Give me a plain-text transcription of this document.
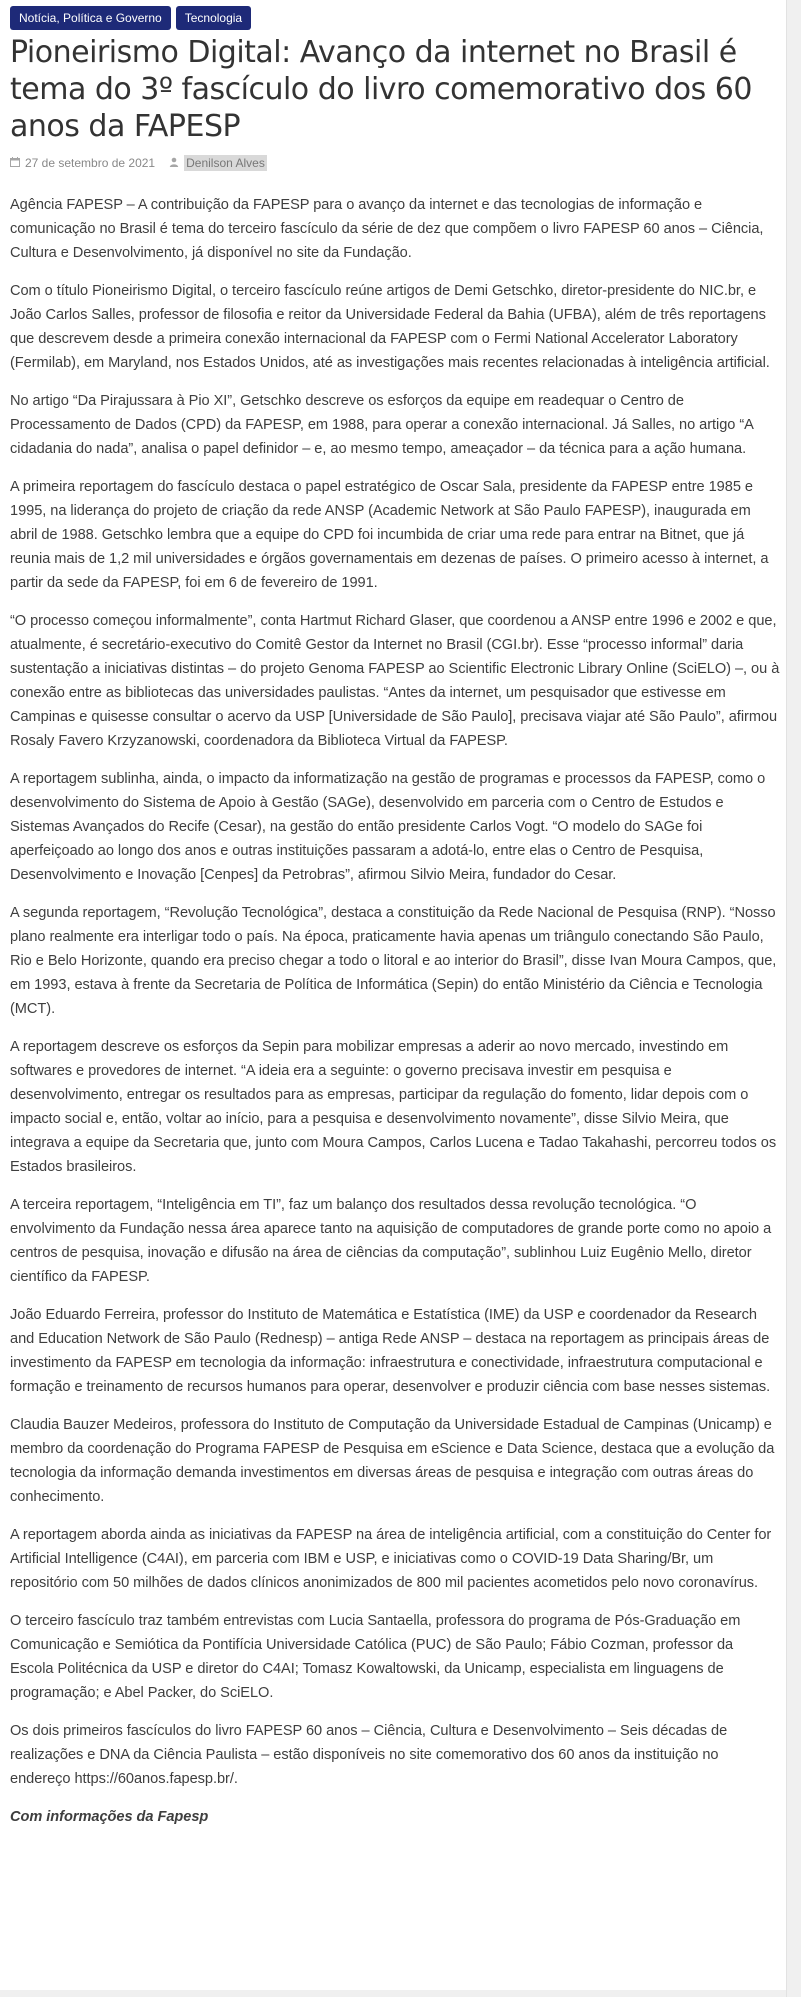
Notícia, Política e Governo	Tecnologia
Pioneirismo Digital: Avanço da internet no Brasil é tema do 3º fascículo do livro comemorativo dos 60 anos da FAPESP
27 de setembro de 2021	Denilson Alves

Agência FAPESP – A contribuição da FAPESP para o avanço da internet e das tecnologias de informação e comunicação no Brasil é tema do terceiro fascículo da série de dez que compõem o livro FAPESP 60 anos – Ciência, Cultura e Desenvolvimento, já disponível no site da Fundação.

Com o título Pioneirismo Digital, o terceiro fascículo reúne artigos de Demi Getschko, diretor-presidente do NIC.br, e João Carlos Salles, professor de filosofia e reitor da Universidade Federal da Bahia (UFBA), além de três reportagens que descrevem desde a primeira conexão internacional da FAPESP com o Fermi National Accelerator Laboratory (Fermilab), em Maryland, nos Estados Unidos, até as investigações mais recentes relacionadas à inteligência artificial.

No artigo “Da Pirajussara à Pio XI”, Getschko descreve os esforços da equipe em readequar o Centro de Processamento de Dados (CPD) da FAPESP, em 1988, para operar a conexão internacional. Já Salles, no artigo “A cidadania do nada”, analisa o papel definidor – e, ao mesmo tempo, ameaçador – da técnica para a ação humana.

A primeira reportagem do fascículo destaca o papel estratégico de Oscar Sala, presidente da FAPESP entre 1985 e 1995, na liderança do projeto de criação da rede ANSP (Academic Network at São Paulo FAPESP), inaugurada em abril de 1988. Getschko lembra que a equipe do CPD foi incumbida de criar uma rede para entrar na Bitnet, que já reunia mais de 1,2 mil universidades e órgãos governamentais em dezenas de países. O primeiro acesso à internet, a partir da sede da FAPESP, foi em 6 de fevereiro de 1991.

“O processo começou informalmente”, conta Hartmut Richard Glaser, que coordenou a ANSP entre 1996 e 2002 e que, atualmente, é secretário-executivo do Comitê Gestor da Internet no Brasil (CGI.br). Esse “processo informal” daria sustentação a iniciativas distintas – do projeto Genoma FAPESP ao Scientific Electronic Library Online (SciELO) –, ou à conexão entre as bibliotecas das universidades paulistas. “Antes da internet, um pesquisador que estivesse em Campinas e quisesse consultar o acervo da USP [Universidade de São Paulo], precisava viajar até São Paulo”, afirmou Rosaly Favero Krzyzanowski, coordenadora da Biblioteca Virtual da FAPESP.

A reportagem sublinha, ainda, o impacto da informatização na gestão de programas e processos da FAPESP, como o desenvolvimento do Sistema de Apoio à Gestão (SAGe), desenvolvido em parceria com o Centro de Estudos e Sistemas Avançados do Recife (Cesar), na gestão do então presidente Carlos Vogt. “O modelo do SAGe foi aperfeiçoado ao longo dos anos e outras instituições passaram a adotá-lo, entre elas o Centro de Pesquisa, Desenvolvimento e Inovação [Cenpes] da Petrobras”, afirmou Silvio Meira, fundador do Cesar.

A segunda reportagem, “Revolução Tecnológica”, destaca a constituição da Rede Nacional de Pesquisa (RNP). “Nosso plano realmente era interligar todo o país. Na época, praticamente havia apenas um triângulo conectando São Paulo, Rio e Belo Horizonte, quando era preciso chegar a todo o litoral e ao interior do Brasil”, disse Ivan Moura Campos, que, em 1993, estava à frente da Secretaria de Política de Informática (Sepin) do então Ministério da Ciência e Tecnologia (MCT).

A reportagem descreve os esforços da Sepin para mobilizar empresas a aderir ao novo mercado, investindo em softwares e provedores de internet. “A ideia era a seguinte: o governo precisava investir em pesquisa e desenvolvimento, entregar os resultados para as empresas, participar da regulação do fomento, lidar depois com o impacto social e, então, voltar ao início, para a pesquisa e desenvolvimento novamente”, disse Silvio Meira, que integrava a equipe da Secretaria que, junto com Moura Campos, Carlos Lucena e Tadao Takahashi, percorreu todos os Estados brasileiros.

A terceira reportagem, “Inteligência em TI”, faz um balanço dos resultados dessa revolução tecnológica. “O envolvimento da Fundação nessa área aparece tanto na aquisição de computadores de grande porte como no apoio a centros de pesquisa, inovação e difusão na área de ciências da computação”, sublinhou Luiz Eugênio Mello, diretor científico da FAPESP.

João Eduardo Ferreira, professor do Instituto de Matemática e Estatística (IME) da USP e coordenador da Research and Education Network de São Paulo (Rednesp) – antiga Rede ANSP – destaca na reportagem as principais áreas de investimento da FAPESP em tecnologia da informação: infraestrutura e conectividade, infraestrutura computacional e formação e treinamento de recursos humanos para operar, desenvolver e produzir ciência com base nesses sistemas.

Claudia Bauzer Medeiros, professora do Instituto de Computação da Universidade Estadual de Campinas (Unicamp) e membro da coordenação do Programa FAPESP de Pesquisa em eScience e Data Science, destaca que a evolução da tecnologia da informação demanda investimentos em diversas áreas de pesquisa e integração com outras áreas do conhecimento.

A reportagem aborda ainda as iniciativas da FAPESP na área de inteligência artificial, com a constituição do Center for Artificial Intelligence (C4AI), em parceria com IBM e USP, e iniciativas como o COVID-19 Data Sharing/Br, um repositório com 50 milhões de dados clínicos anonimizados de 800 mil pacientes acometidos pelo novo coronavírus.

O terceiro fascículo traz também entrevistas com Lucia Santaella, professora do programa de Pós-Graduação em Comunicação e Semiótica da Pontifícia Universidade Católica (PUC) de São Paulo; Fábio Cozman, professor da Escola Politécnica da USP e diretor do C4AI; Tomasz Kowaltowski, da Unicamp, especialista em linguagens de programação; e Abel Packer, do SciELO.

Os dois primeiros fascículos do livro FAPESP 60 anos – Ciência, Cultura e Desenvolvimento – Seis décadas de realizações e DNA da Ciência Paulista – estão disponíveis no site comemorativo dos 60 anos da instituição no endereço https://60anos.fapesp.br/.

Com informações da Fapesp
